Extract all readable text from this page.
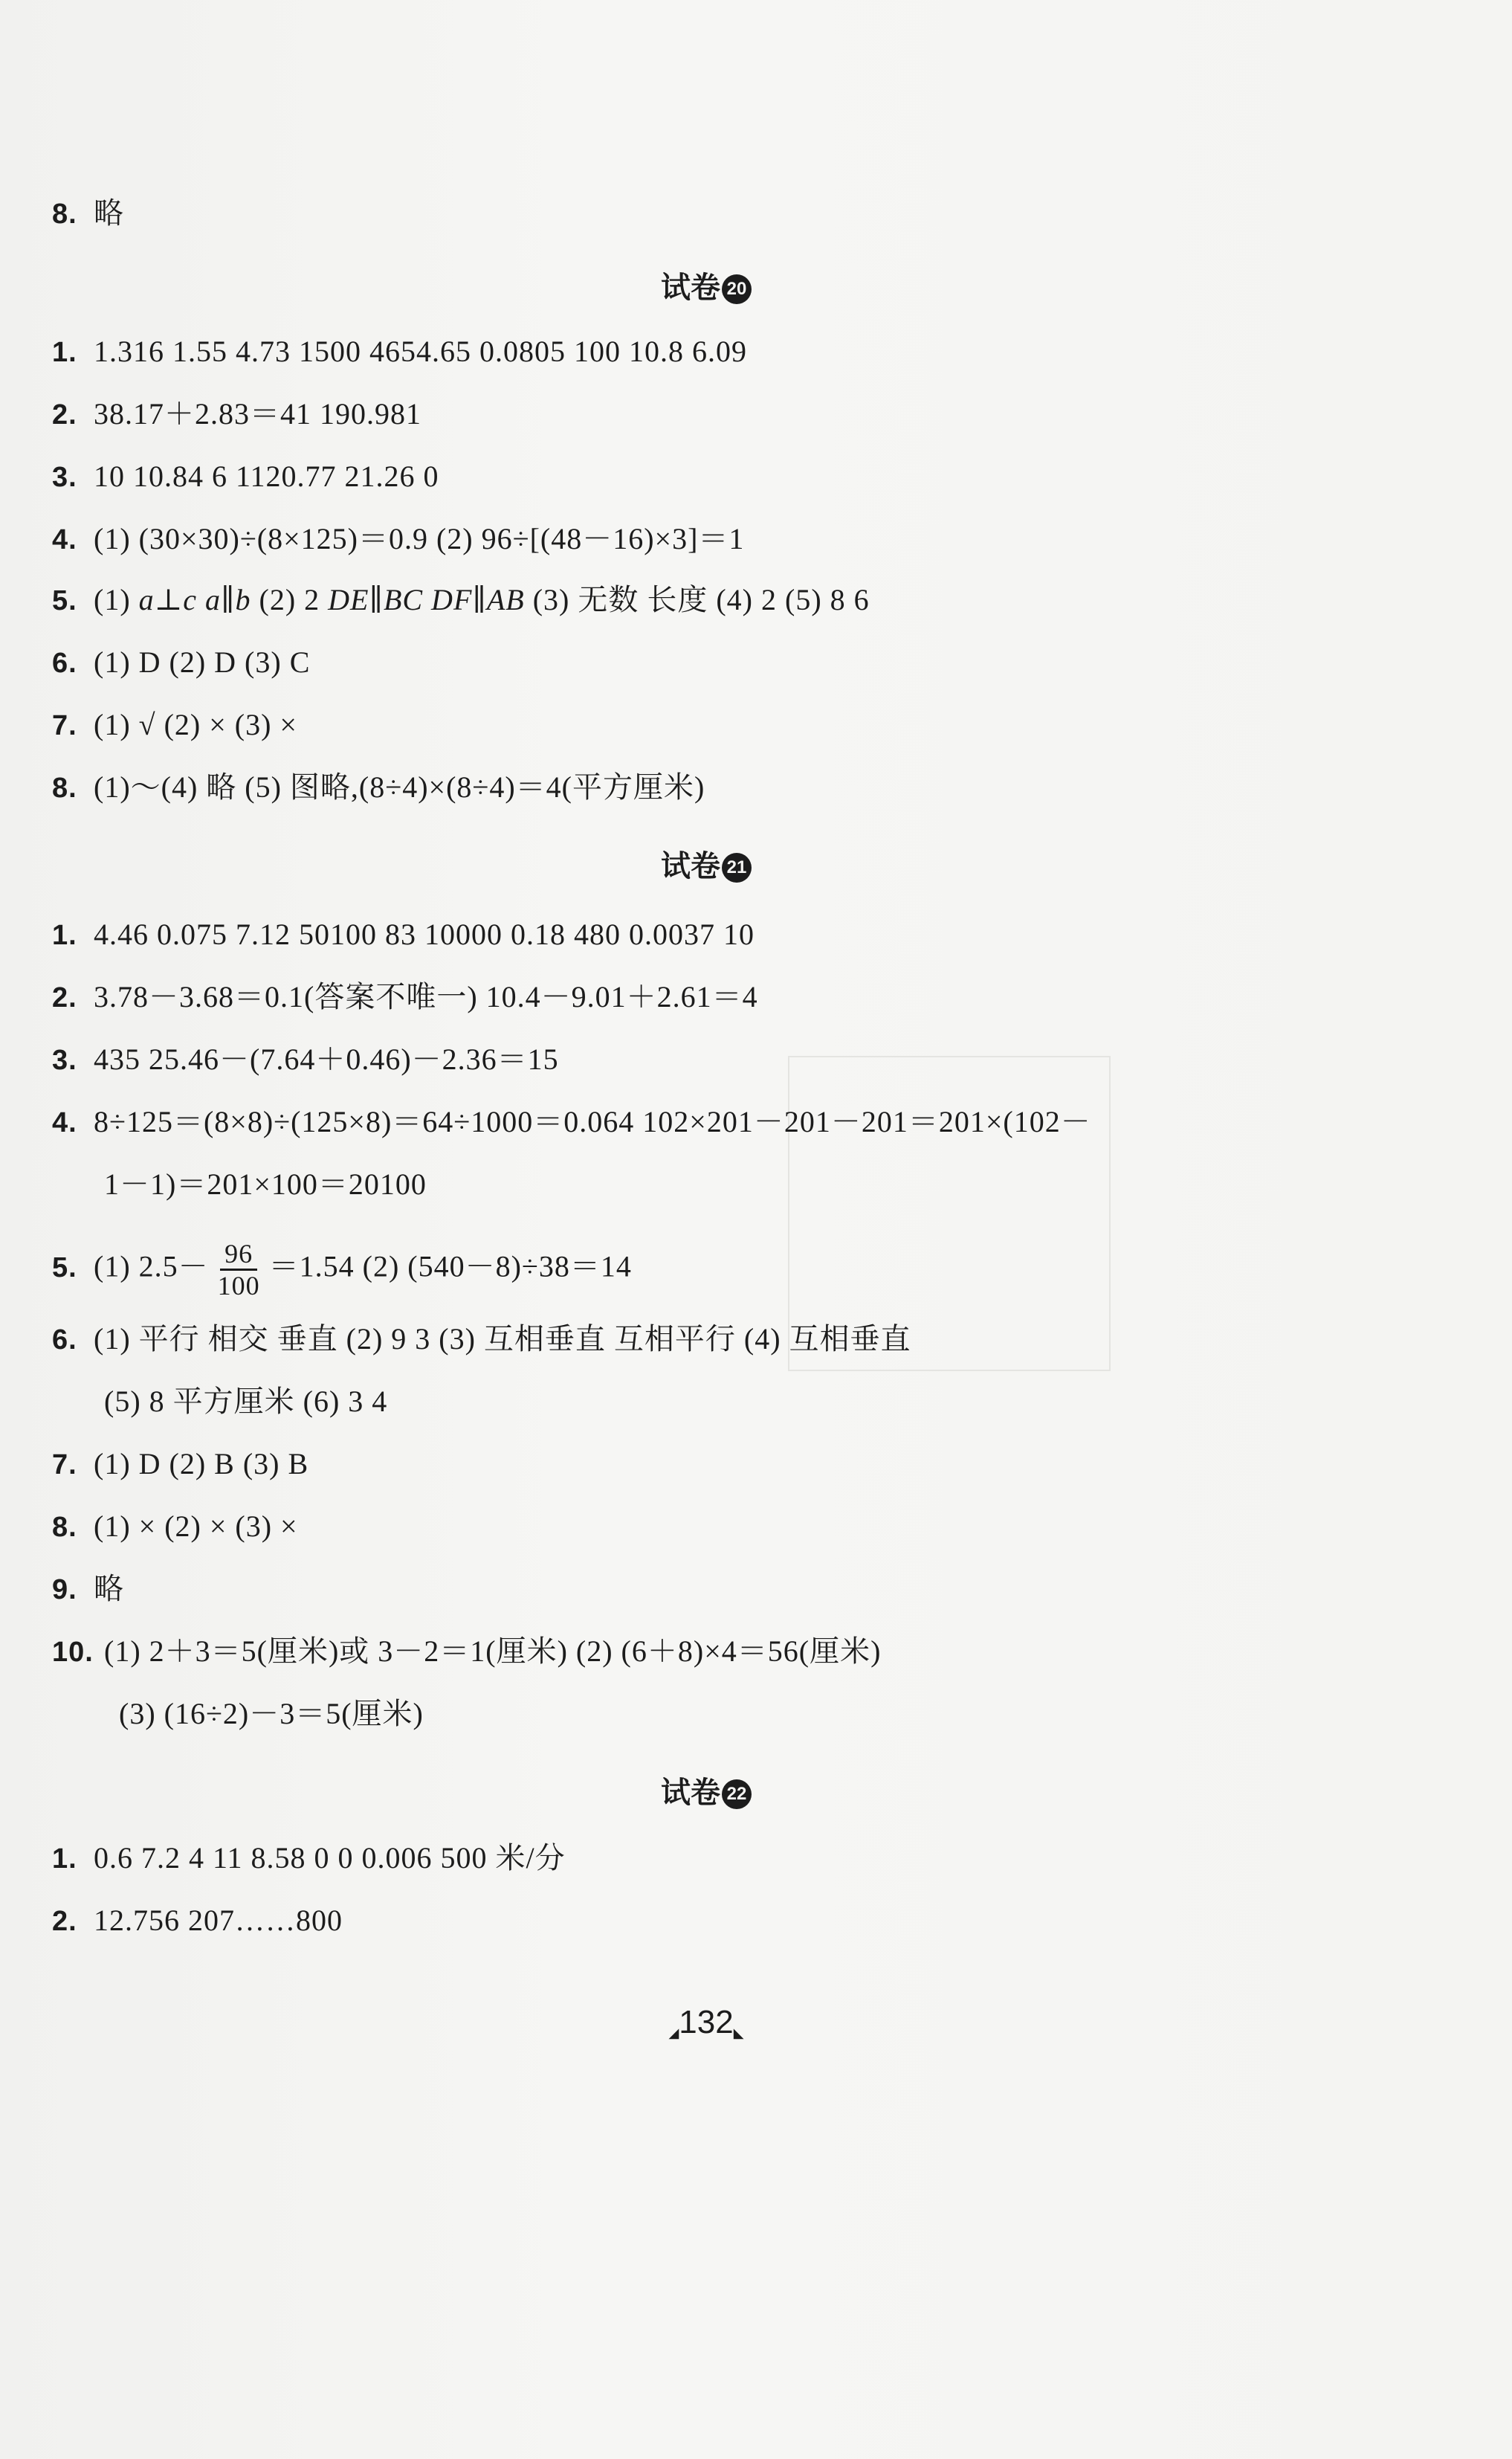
8. 略
试卷 20
1. 1.316 1.55 4.73 1500 4654.65 0.0805 100 10.8 6.09
2. 38.17＋2.83＝41 190.981
3. 10 10.84 6 1120.77 21.26 0
4. (1) (30×30)÷(8×125)＝0.9 (2) 96÷[(48－16)×3]＝1
5. (1) a⊥c a∥b (2) 2 DE∥BC DF∥AB (3) 无数 长度 (4) 2 (5) 8 6
6. (1) D (2) D (3) C
7. (1) √ (2) × (3) ×
8. (1)～(4) 略 (5) 图略,(8÷4)×(8÷4)＝4(平方厘米)
试卷 21
1. 4.46 0.075 7.12 50100 83 10000 0.18 480 0.0037 10
2. 3.78－3.68＝0.1(答案不唯一) 10.4－9.01＋2.61＝4
3. 435 25.46－(7.64＋0.46)－2.36＝15
4. 8÷125＝(8×8)÷(125×8)＝64÷1000＝0.064 102×201－201－201＝201×(102－
1－1)＝201×100＝20100
5. (1) $2.5- \frac{96}{100} =1.54$ (2) (540－8)÷38＝14
6. (1) 平行 相交 垂直 (2) 9 3 (3) 互相垂直 互相平行 (4) 互相垂直
(5) 8 平方厘米 (6) 3 4
7. (1) D (2) B (3) B
8. (1) × (2) × (3) ×
9. 略
10. (1) 2＋3＝5(厘米)或 3－2＝1(厘米) (2) (6＋8)×4＝56(厘米)
(3) (16÷2)－3＝5(厘米)
试卷 22
1. 0.6 7.2 4 11 8.58 0 0 0.006 500 米/分
2. 12.756 207……800
◢132◣
